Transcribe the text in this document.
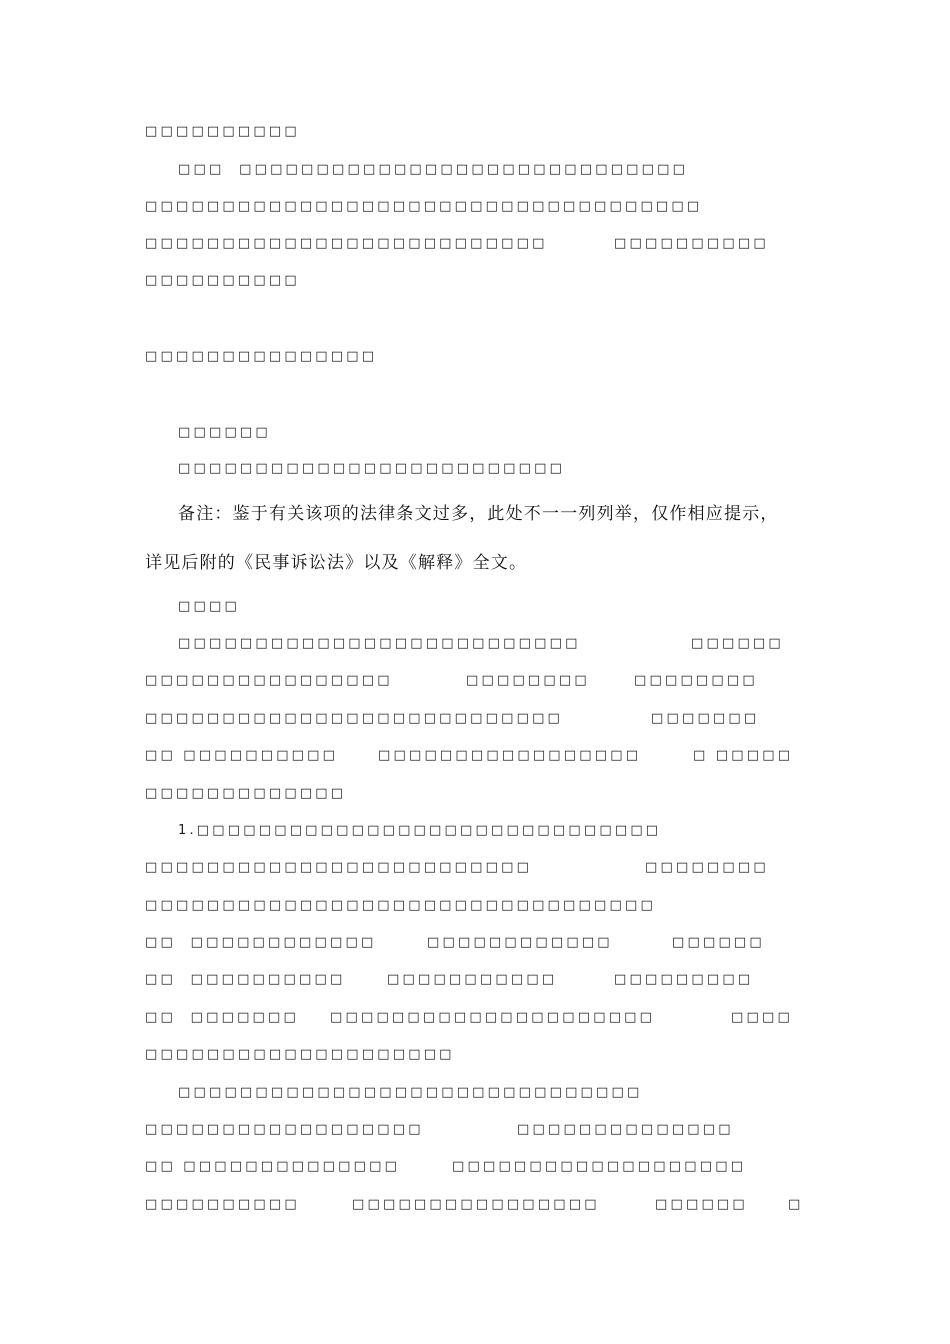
□□□□□□□□□□
□□□  □□□□□□□□□□□□□□□□□□□□□□□□□□□□□
□□□□□□□□□□□□□□□□□□□□□□□□□□□□□□□□□□□□
□□□□□□□□□□□□□□□□□□□□□□□□□□	□□□□□□□□□□
□□□□□□□□□□
□□□□□□□□□□□□□□□
□□□□□□
□□□□□□□□□□□□□□□□□□□□□□□□□
备注：鉴于有关该项的法律条文过多，此处不一一列列举，仅作相应提示，
详见后附的《民事诉讼法》以及《解释》全文。
□□□□
□□□□□□□□□□□□□□□□□□□□□□□□□□	□□□□□□
□□□□□□□□□□□□□□□□	□□□□□□□□	□□□□□□□□
□□□□□□□□□□□□□□□□□□□□□□□□□□□	□□□□□□□
□□ □□□□□□□□□□	□□□□□□□□□□□□□□□□□	□ □□□□□
□□□□□□□□□□□□□
1.□□□□□□□□□□□□□□□□□□□□□□□□□□□□□□
□□□□□□□□□□□□□□□□□□□□□□□□□	□□□□□□□□
□□□□□□□□□□□□□□□□□□□□□□□□□□□□□□□□□
□□  □□□□□□□□□□□□	□□□□□□□□□□□□	□□□□□□
□□  □□□□□□□□□□	□□□□□□□□□□□	□□□□□□□□□
□□  □□□□□□□ □□□□□□□□□□□□□□□□□□□□□	□□□□
□□□□□□□□□□□□□□□□□□□□
□□□□□□□□□□□□□□□□□□□□□□□□□□□□□□
□□□□□□□□□□□□□□□□□□	□□□□□□□□□□□□□□
□□ □□□□□□□□□□□□□□	□□□□□□□□□□□□□□□□□□□
□□□□□□□□□□	□□□□□□□□□□□□□□□□	□□□□□□	□
